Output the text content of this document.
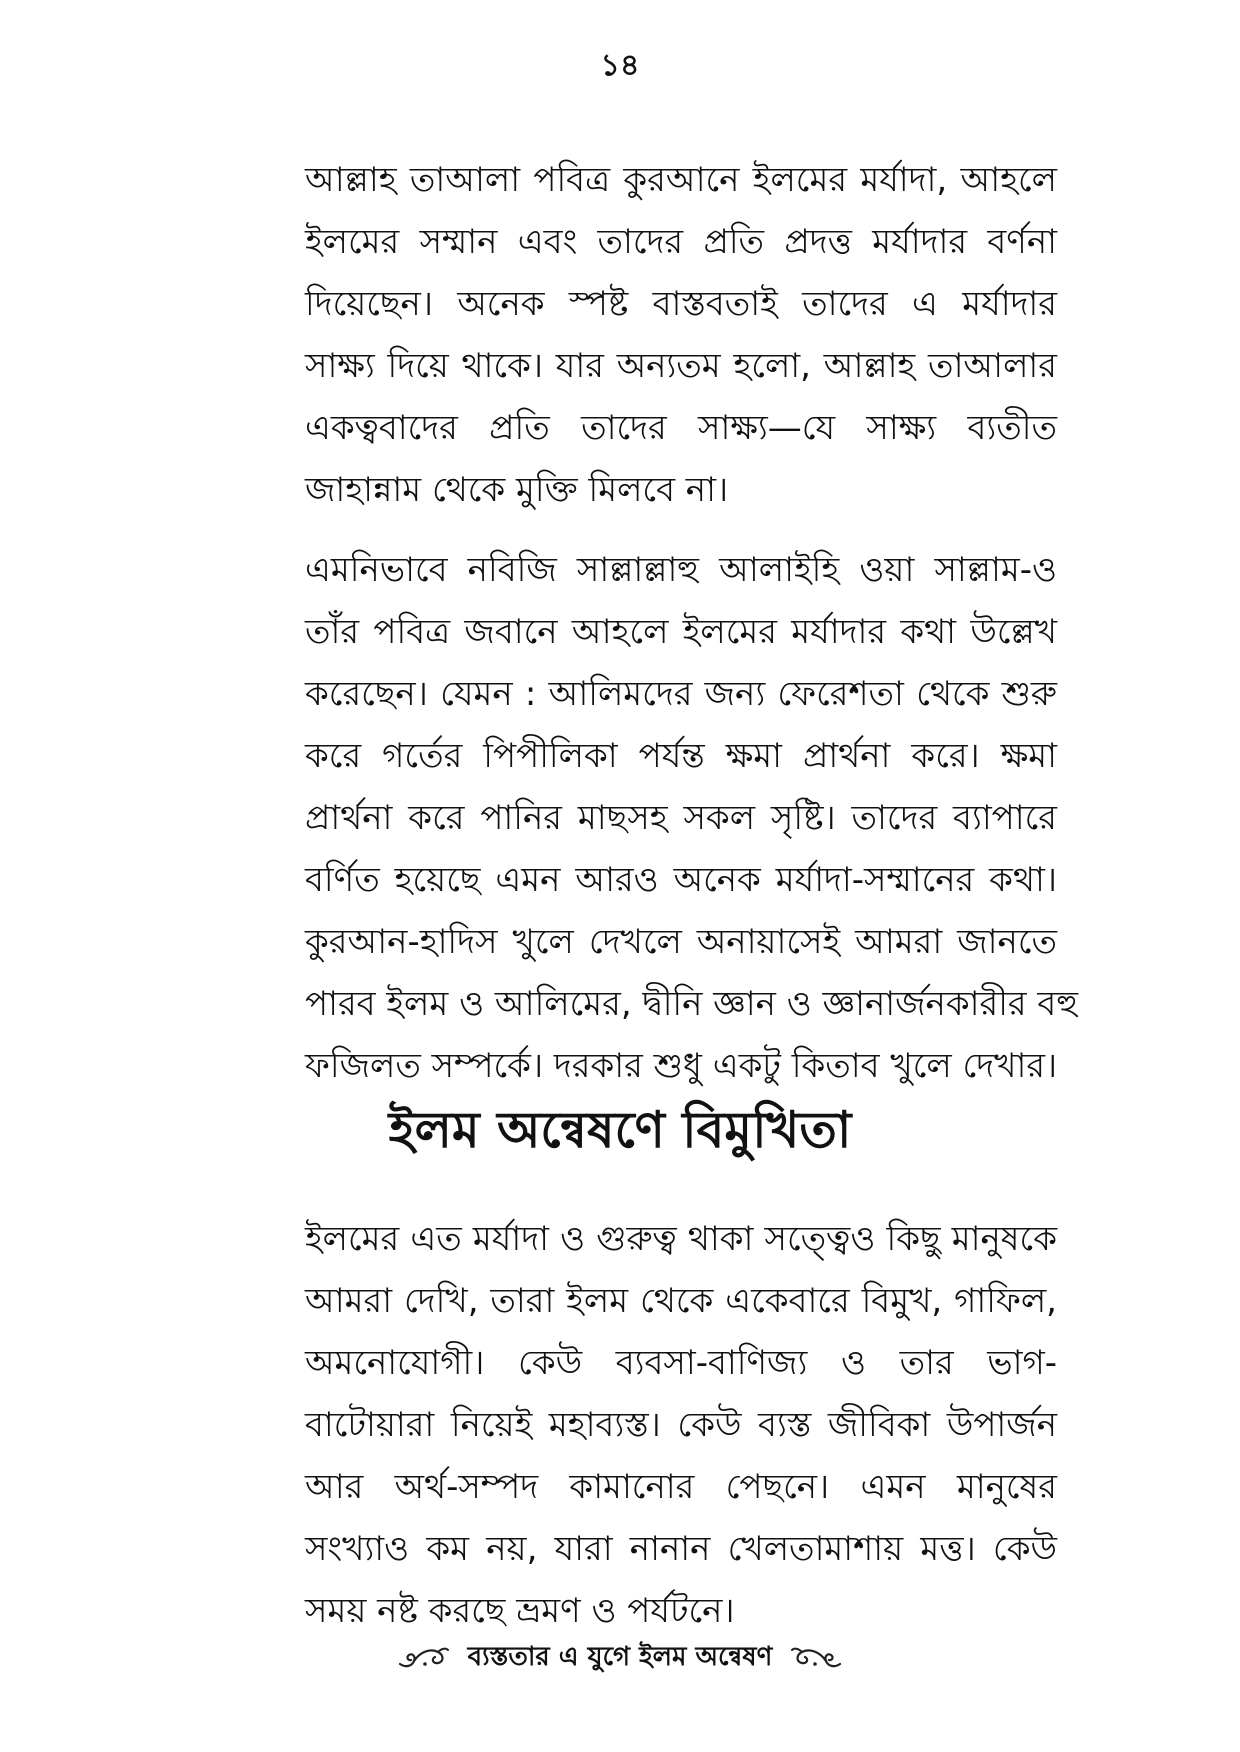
১৪
আল্লাহ তাআলা পবিত্র কুরআনে ইলমের মর্যাদা, আহলে
ইলমের সম্মান এবং তাদের প্রতি প্রদত্ত মর্যাদার বর্ণনা
দিয়েছেন। অনেক স্পষ্ট বাস্তবতাই তাদের এ মর্যাদার
সাক্ষ্য দিয়ে থাকে। যার অন্যতম হলো, আল্লাহ তাআলার
একত্ববাদের প্রতি তাদের সাক্ষ্য—যে সাক্ষ্য ব্যতীত
জাহান্নাম থেকে মুক্তি মিলবে না।
এমনিভাবে নবিজি সাল্লাল্লাহু আলাইহি ওয়া সাল্লাম-ও
তাঁর পবিত্র জবানে আহলে ইলমের মর্যাদার কথা উল্লেখ
করেছেন। যেমন : আলিমদের জন্য ফেরেশতা থেকে শুরু
করে গর্তের পিপীলিকা পর্যন্ত ক্ষমা প্রার্থনা করে। ক্ষমা
প্রার্থনা করে পানির মাছসহ সকল সৃষ্টি। তাদের ব্যাপারে
বর্ণিত হয়েছে এমন আরও অনেক মর্যাদা-সম্মানের কথা।
কুরআন-হাদিস খুলে দেখলে অনায়াসেই আমরা জানতে
পারব ইলম ও আলিমের, দ্বীনি জ্ঞান ও জ্ঞানার্জনকারীর বহু
ফজিলত সম্পর্কে। দরকার শুধু একটু কিতাব খুলে দেখার।
ইলম অন্বেষণে বিমুখিতা
ইলমের এত মর্যাদা ও গুরুত্ব থাকা সত্ত্বেও কিছু মানুষকে
আমরা দেখি, তারা ইলম থেকে একেবারে বিমুখ, গাফিল,
অমনোযোগী। কেউ ব্যবসা-বাণিজ্য ও তার ভাগ-
বাটোয়ারা নিয়েই মহাব্যস্ত। কেউ ব্যস্ত জীবিকা উপার্জন
আর অর্থ-সম্পদ কামানোর পেছনে। এমন মানুষের
সংখ্যাও কম নয়, যারা নানান খেলতামাশায় মত্ত। কেউ
সময় নষ্ট করছে ভ্রমণ ও পর্যটনে।
ব্যস্ততার এ যুগে ইলম অন্বেষণ
